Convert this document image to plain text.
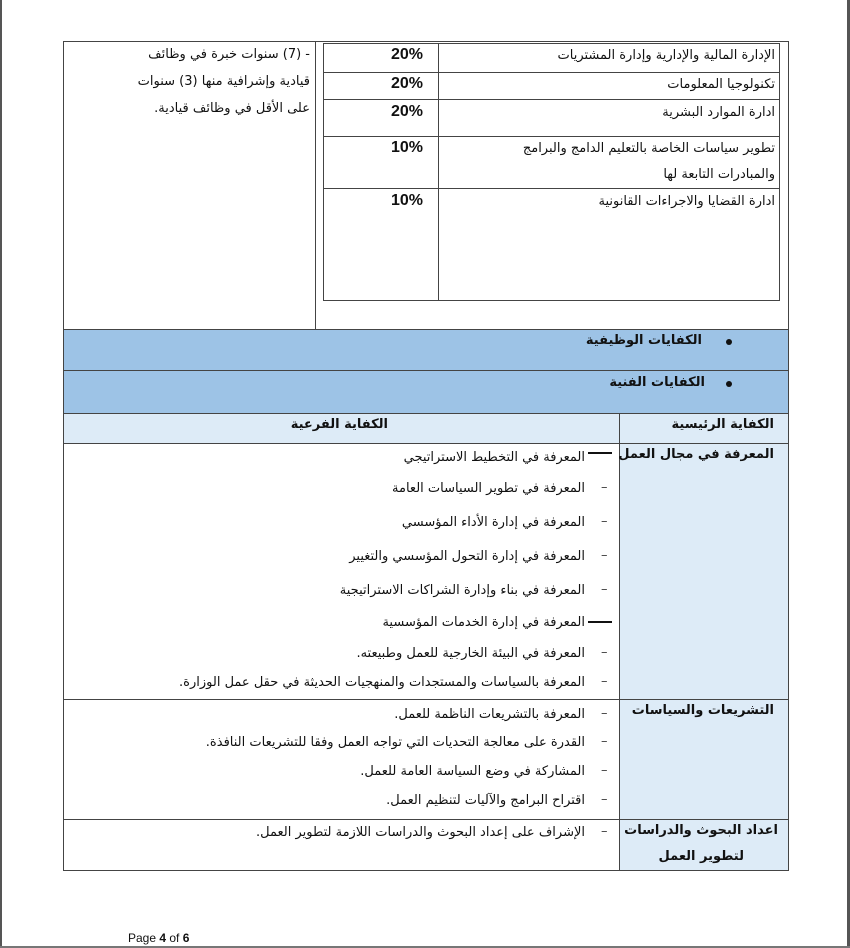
- (7) سنوات خبرة في وظائف
قيادية وإشرافية منها (3) سنوات
على الأقل في وظائف قيادية.
الإدارة المالية والإدارية وإدارة المشتريات
20%
تكنولوجيا المعلومات
20%
ادارة الموارد البشرية
20%
تطوير سياسات الخاصة بالتعليم الدامج والبرامج
والمبادرات التابعة لها
10%
ادارة القضايا والاجراءات القانونية
10%
الكفايات الوظيفية
الكفايات الفنية
الكفاية الرئيسية
الكفاية الفرعية
المعرفة في مجال العمل
المعرفة في التخطيط الاستراتيجي
–
المعرفة في تطوير السياسات العامة
–
المعرفة في إدارة الأداء المؤسسي
–
المعرفة في إدارة التحول المؤسسي والتغيير
–
المعرفة في بناء وإدارة الشراكات الاستراتيجية
المعرفة في إدارة الخدمات المؤسسية
–
المعرفة في البيئة الخارجية للعمل وطبيعته.
–
المعرفة بالسياسات والمستجدات والمنهجيات الحديثة في حقل عمل الوزارة.
التشريعات والسياسات
–
المعرفة بالتشريعات الناظمة للعمل.
–
القدرة على معالجة التحديات التي تواجه العمل وفقا للتشريعات النافذة.
–
المشاركة في وضع السياسة العامة للعمل.
–
اقتراح البرامج والآليات لتنظيم العمل.
اعداد البحوث والدراسات
لتطوير العمل
–
الإشراف على إعداد البحوث والدراسات اللازمة لتطوير العمل.
Page 4 of 6
